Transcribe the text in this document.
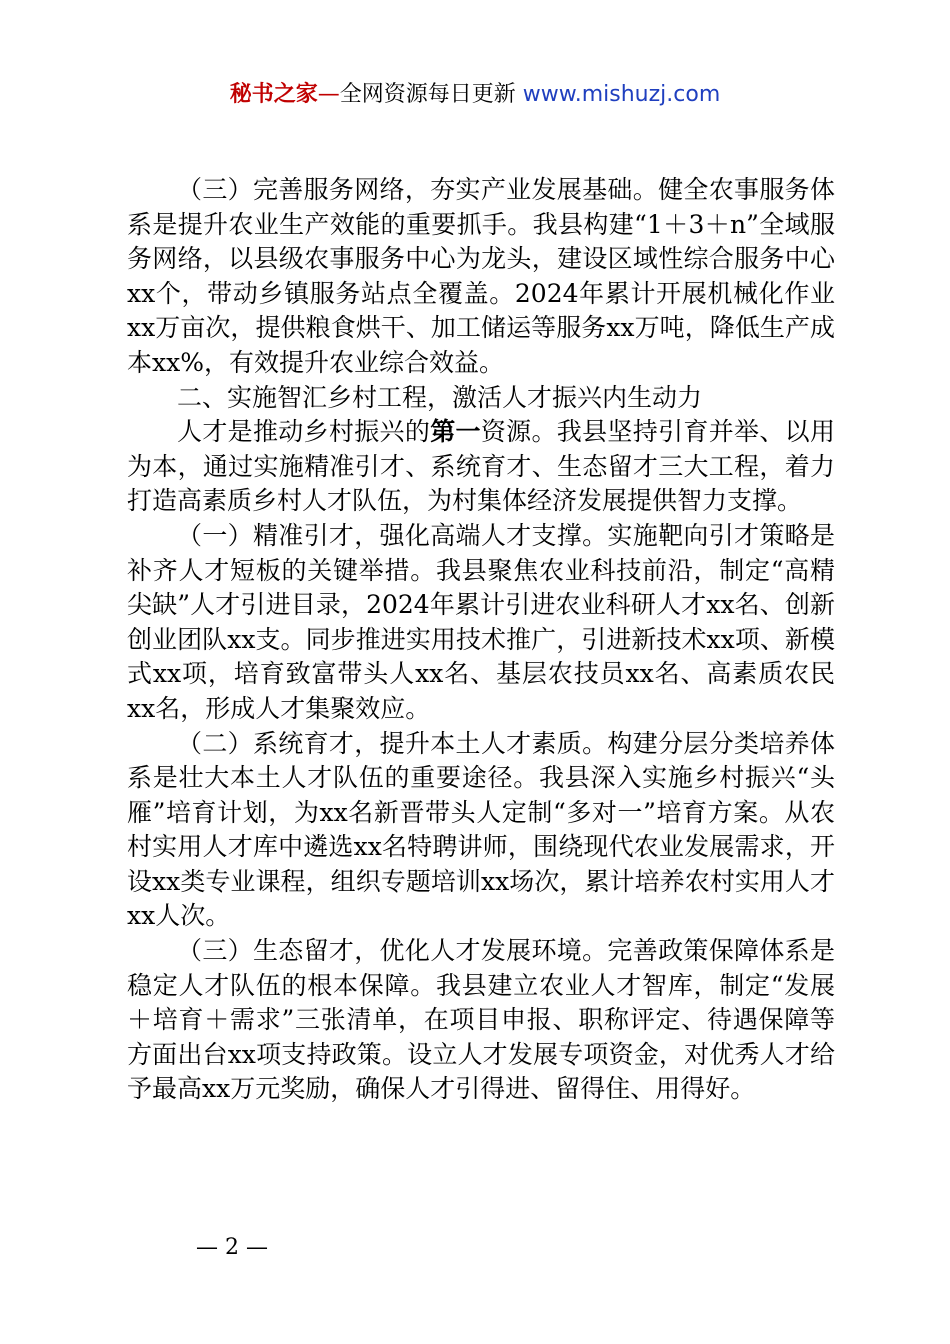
秘书之家—全网资源每日更新 www.mishuzj.com

（三）完善服务网络，夯实产业发展基础。健全农事服务体系是提升农业生产效能的重要抓手。我县构建“1＋3＋n”全域服务网络，以县级农事服务中心为龙头，建设区域性综合服务中心xx个，带动乡镇服务站点全覆盖。2024年累计开展机械化作业xx万亩次，提供粮食烘干、加工储运等服务xx万吨，降低生产成本xx%，有效提升农业综合效益。

二、实施智汇乡村工程，激活人才振兴内生动力

人才是推动乡村振兴的第一资源。我县坚持引育并举、以用为本，通过实施精准引才、系统育才、生态留才三大工程，着力打造高素质乡村人才队伍，为村集体经济发展提供智力支撑。

（一）精准引才，强化高端人才支撑。实施靶向引才策略是补齐人才短板的关键举措。我县聚焦农业科技前沿，制定“高精尖缺”人才引进目录，2024年累计引进农业科研人才xx名、创新创业团队xx支。同步推进实用技术推广，引进新技术xx项、新模式xx项，培育致富带头人xx名、基层农技员xx名、高素质农民xx名，形成人才集聚效应。

（二）系统育才，提升本土人才素质。构建分层分类培养体系是壮大本土人才队伍的重要途径。我县深入实施乡村振兴“头雁”培育计划，为xx名新晋带头人定制“多对一”培育方案。从农村实用人才库中遴选xx名特聘讲师，围绕现代农业发展需求，开设xx类专业课程，组织专题培训xx场次，累计培养农村实用人才xx人次。

（三）生态留才，优化人才发展环境。完善政策保障体系是稳定人才队伍的根本保障。我县建立农业人才智库，制定“发展＋培育＋需求”三张清单，在项目申报、职称评定、待遇保障等方面出台xx项支持政策。设立人才发展专项资金，对优秀人才给予最高xx万元奖励，确保人才引得进、留得住、用得好。

— 2 —
